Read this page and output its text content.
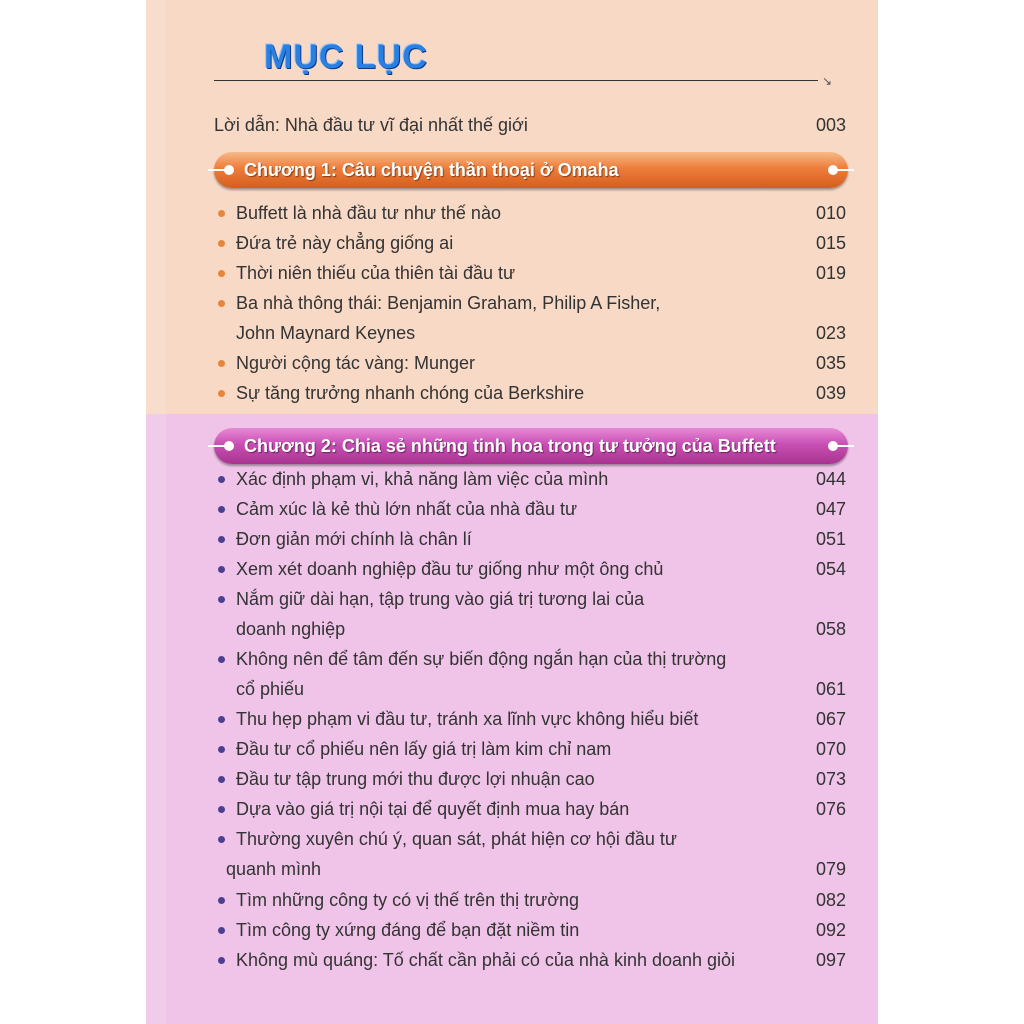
MỤC LỤC
↘
Lời dẫn: Nhà đầu tư vĩ đại nhất thế giới	003
Chương 1: Câu chuyện thần thoại ở Omaha
Buffett là nhà đầu tư như thế nào	010
Đứa trẻ này chẳng giống ai	015
Thời niên thiếu của thiên tài đầu tư	019
Ba nhà thông thái: Benjamin Graham, Philip A Fisher,
John Maynard Keynes	023
Người cộng tác vàng: Munger	035
Sự tăng trưởng nhanh chóng của Berkshire	039
Chương 2: Chia sẻ những tinh hoa trong tư tưởng của Buffett
Xác định phạm vi, khả năng làm việc của mình	044
Cảm xúc là kẻ thù lớn nhất của nhà đầu tư	047
Đơn giản mới chính là chân lí	051
Xem xét doanh nghiệp đầu tư giống như một ông chủ	054
Nắm giữ dài hạn, tập trung vào giá trị tương lai của
doanh nghiệp	058
Không nên để tâm đến sự biến động ngắn hạn của thị trường
cổ phiếu	061
Thu hẹp phạm vi đầu tư, tránh xa lĩnh vực không hiểu biết	067
Đầu tư cổ phiếu nên lấy giá trị làm kim chỉ nam	070
Đầu tư tập trung mới thu được lợi nhuận cao	073
Dựa vào giá trị nội tại để quyết định mua hay bán	076
Thường xuyên chú ý, quan sát, phát hiện cơ hội đầu tư
quanh mình	079
Tìm những công ty có vị thế trên thị trường	082
Tìm công ty xứng đáng để bạn đặt niềm tin	092
Không mù quáng: Tố chất cần phải có của nhà kinh doanh giỏi	097
